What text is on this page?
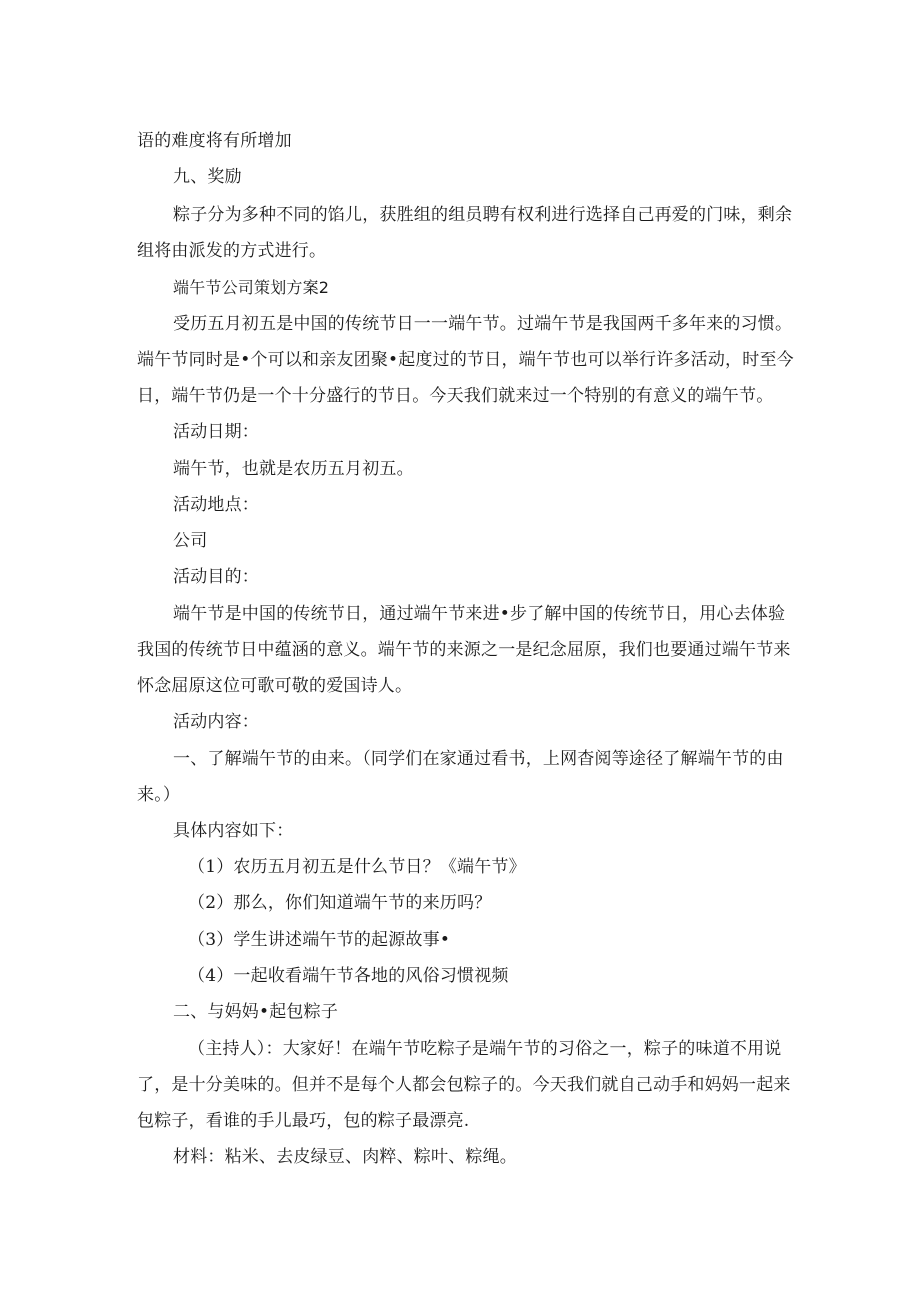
语的难度将有所增加
九、奖励
粽子分为多种不同的馅儿，获胜组的组员聘有权利进行选择自己再爱的门味，剩余
组将由派发的方式进行。
端午节公司策划方案2
受历五月初五是中国的传统节日一一端午节。过端午节是我国两千多年来的习惯。
端午节同时是•个可以和亲友团聚•起度过的节日，端午节也可以举行许多活动，时至今
日，端午节仍是一个十分盛行的节日。今天我们就来过一个特别的有意义的端午节。
活动日期：
端午节，也就是农历五月初五。
活动地点：
公司
活动目的：
端午节是中国的传统节日，通过端午节来进•步了解中国的传统节日，用心去体验
我国的传统节日中蕴涵的意义。端午节的来源之一是纪念屈原，我们也要通过端午节来
怀念屈原这位可歌可敬的爱国诗人。
活动内容：
一、了解端午节的由来。（同学们在家通过看书，上网杳阅等途径了解端午节的由
来。）
具体内容如下：
（1）农历五月初五是什么节日？《端午节》
（2）那么，你们知道端午节的来历吗？
（3）学生讲述端午节的起源故事•
（4）一起收看端午节各地的风俗习惯视频
二、与妈妈•起包粽子
（主持人）：大家好！在端午节吃粽子是端午节的习俗之一，粽子的味道不用说
了，是十分美味的。但并不是每个人都会包粽子的。今天我们就自己动手和妈妈一起来
包粽子，看谁的手儿最巧，包的粽子最漂亮.
材料：粘米、去皮绿豆、肉粹、粽叶、粽绳。
